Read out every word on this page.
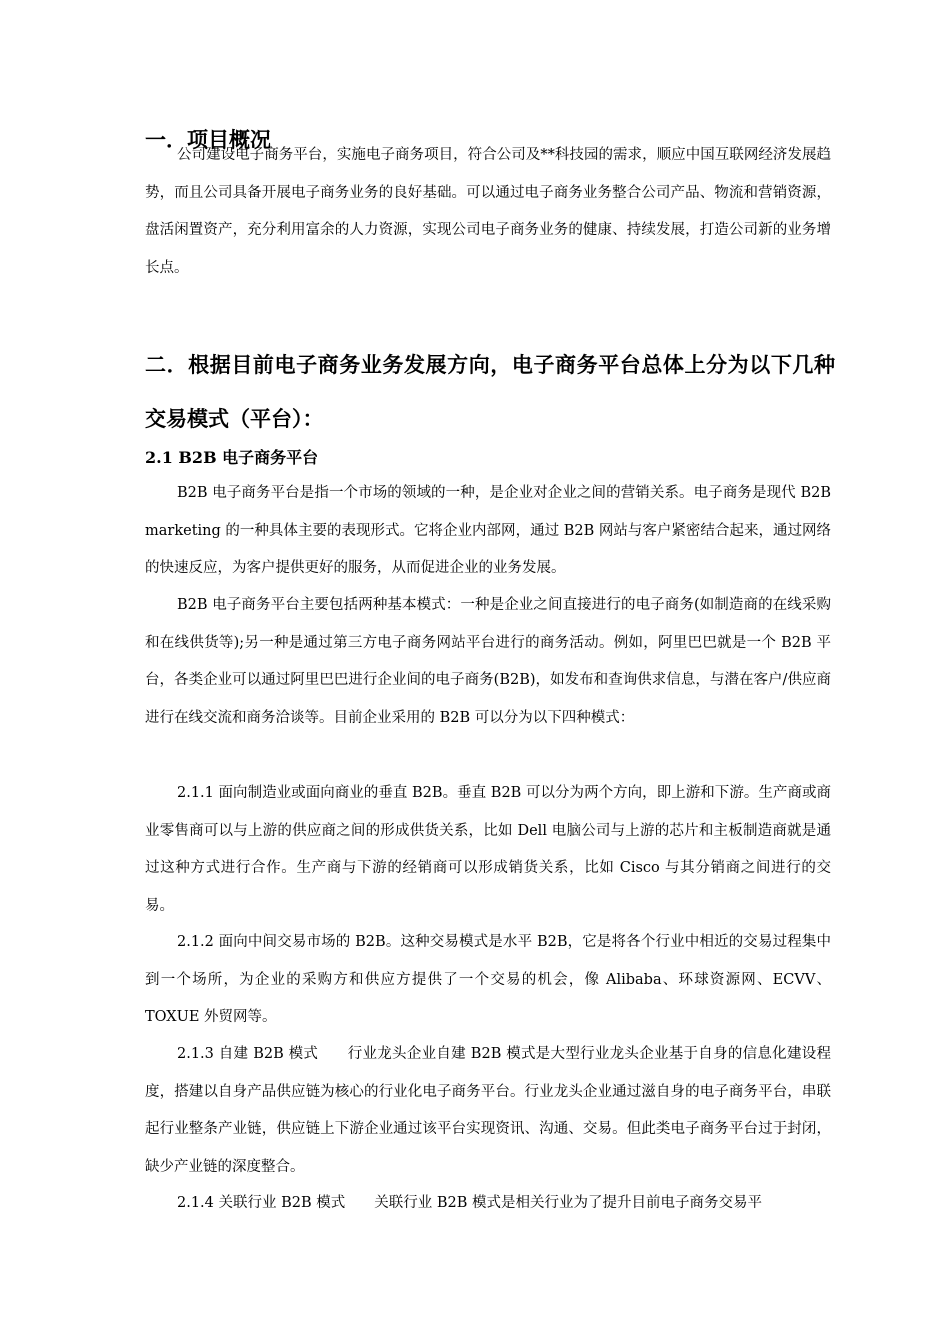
一．项目概况
公司建设电子商务平台，实施电子商务项目，符合公司及**科技园的需求，顺应中国互联网经济发展趋势，而且公司具备开展电子商务业务的良好基础。可以通过电子商务业务整合公司产品、物流和营销资源，盘活闲置资产，充分利用富余的人力资源，实现公司电子商务业务的健康、持续发展，打造公司新的业务增长点。
二．根据目前电子商务业务发展方向，电子商务平台总体上分为以下几种交易模式（平台）：
2.1 B2B 电子商务平台
B2B 电子商务平台是指一个市场的领域的一种，是企业对企业之间的营销关系。电子商务是现代 B2B marketing 的一种具体主要的表现形式。它将企业内部网，通过 B2B 网站与客户紧密结合起来，通过网络的快速反应，为客户提供更好的服务，从而促进企业的业务发展。
B2B 电子商务平台主要包括两种基本模式：一种是企业之间直接进行的电子商务(如制造商的在线采购和在线供货等);另一种是通过第三方电子商务网站平台进行的商务活动。例如，阿里巴巴就是一个 B2B 平台，各类企业可以通过阿里巴巴进行企业间的电子商务(B2B)，如发布和查询供求信息，与潜在客户/供应商进行在线交流和商务洽谈等。目前企业采用的 B2B 可以分为以下四种模式：
2.1.1 面向制造业或面向商业的垂直 B2B。垂直 B2B 可以分为两个方向，即上游和下游。生产商或商业零售商可以与上游的供应商之间的形成供货关系，比如 Dell 电脑公司与上游的芯片和主板制造商就是通过这种方式进行合作。生产商与下游的经销商可以形成销货关系，比如 Cisco 与其分销商之间进行的交易。
2.1.2 面向中间交易市场的 B2B。这种交易模式是水平 B2B，它是将各个行业中相近的交易过程集中到一个场所，为企业的采购方和供应方提供了一个交易的机会，像 Alibaba、环球资源网、ECVV、TOXUE 外贸网等。
2.1.3 自建 B2B 模式　　行业龙头企业自建 B2B 模式是大型行业龙头企业基于自身的信息化建设程度，搭建以自身产品供应链为核心的行业化电子商务平台。行业龙头企业通过滋自身的电子商务平台，串联起行业整条产业链，供应链上下游企业通过该平台实现资讯、沟通、交易。但此类电子商务平台过于封闭，缺少产业链的深度整合。
2.1.4 关联行业 B2B 模式　　关联行业 B2B 模式是相关行业为了提升目前电子商务交易平
